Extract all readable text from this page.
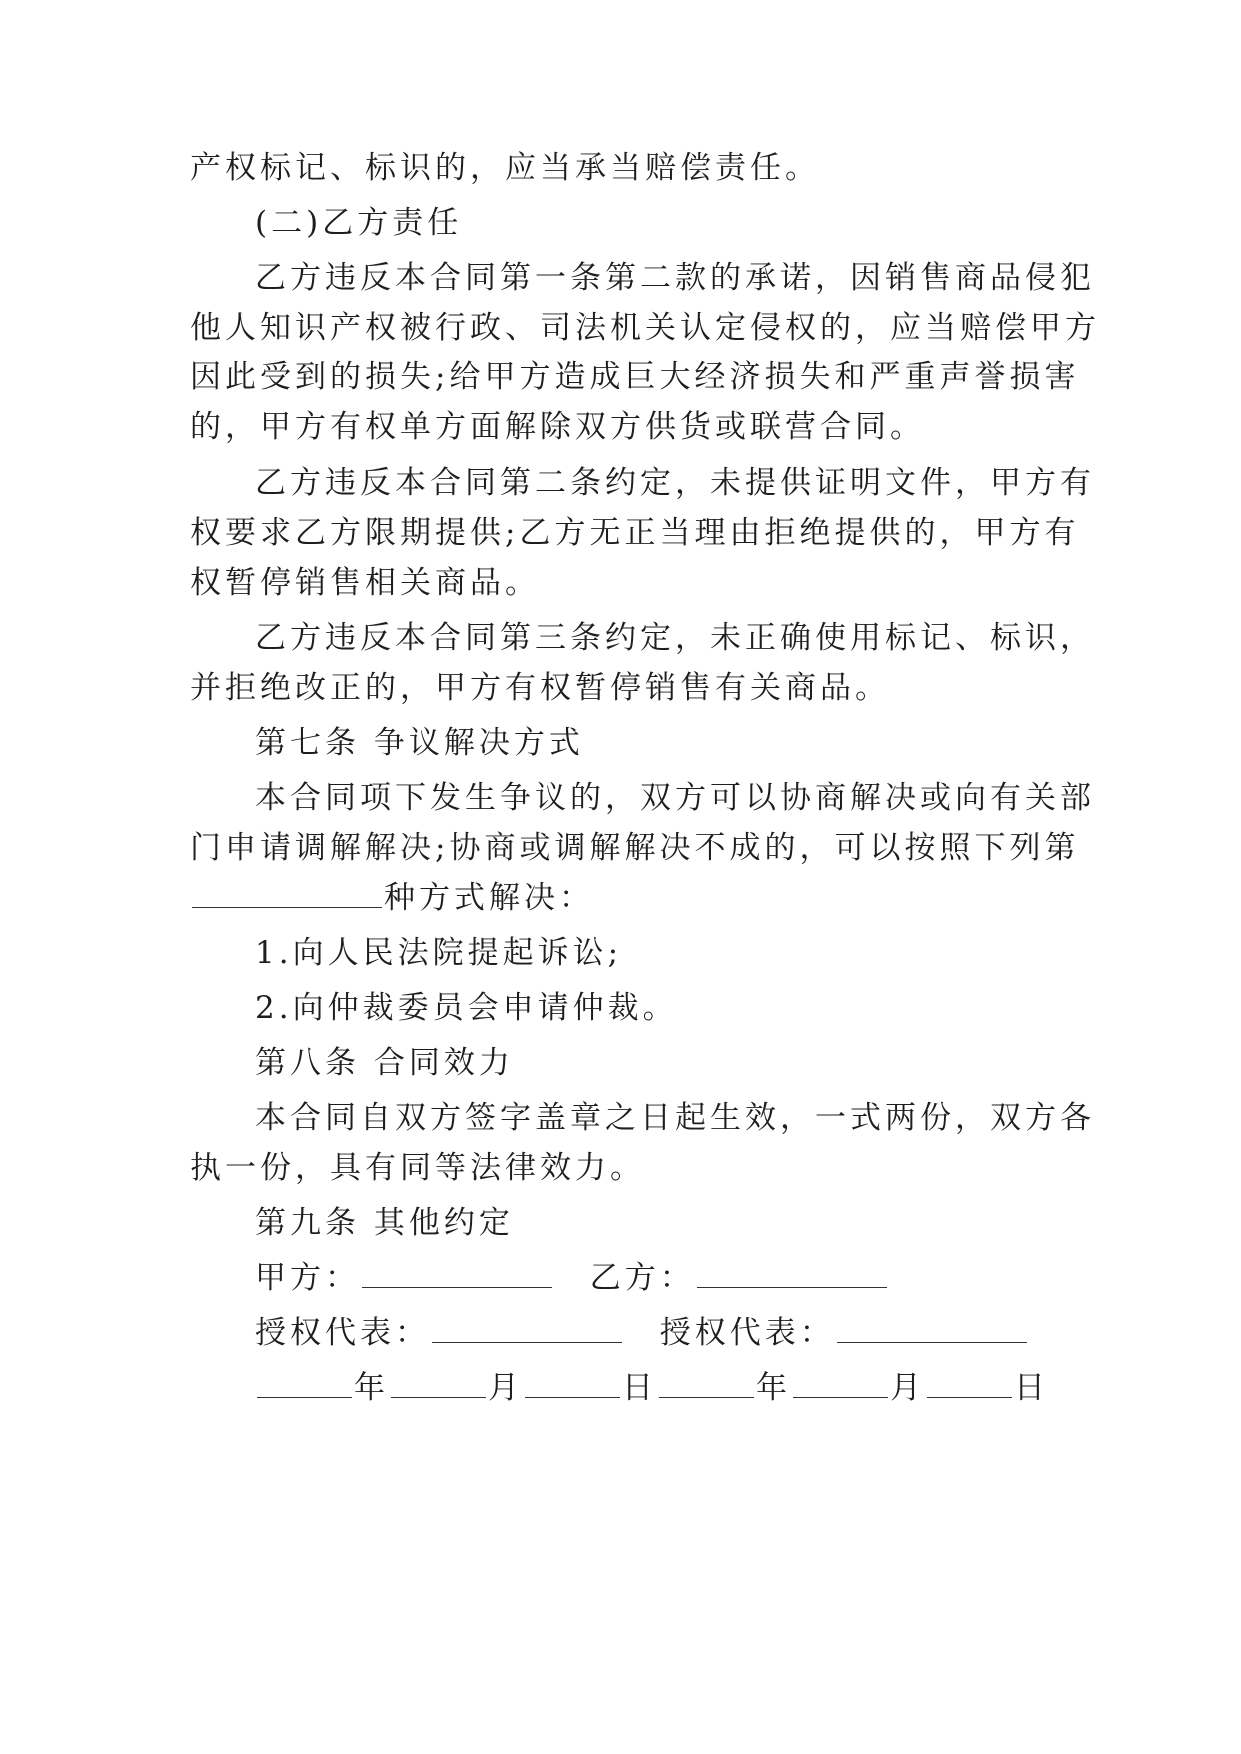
产权标记、标识的，应当承当赔偿责任。
(二)乙方责任
乙方违反本合同第一条第二款的承诺，因销售商品侵犯
他人知识产权被行政、司法机关认定侵权的，应当赔偿甲方
因此受到的损失;给甲方造成巨大经济损失和严重声誉损害
的，甲方有权单方面解除双方供货或联营合同。
乙方违反本合同第二条约定，未提供证明文件，甲方有
权要求乙方限期提供;乙方无正当理由拒绝提供的，甲方有
权暂停销售相关商品。
乙方违反本合同第三条约定，未正确使用标记、标识，
并拒绝改正的，甲方有权暂停销售有关商品。
第七条 争议解决方式
本合同项下发生争议的，双方可以协商解决或向有关部
门申请调解解决;协商或调解解决不成的，可以按照下列第
种方式解决：
1.向人民法院提起诉讼;
2.向仲裁委员会申请仲裁。
第八条 合同效力
本合同自双方签字盖章之日起生效，一式两份，双方各
执一份，具有同等法律效力。
第九条 其他约定
甲方：	乙方：
授权代表：	授权代表：
年	月	日	年	月	日
